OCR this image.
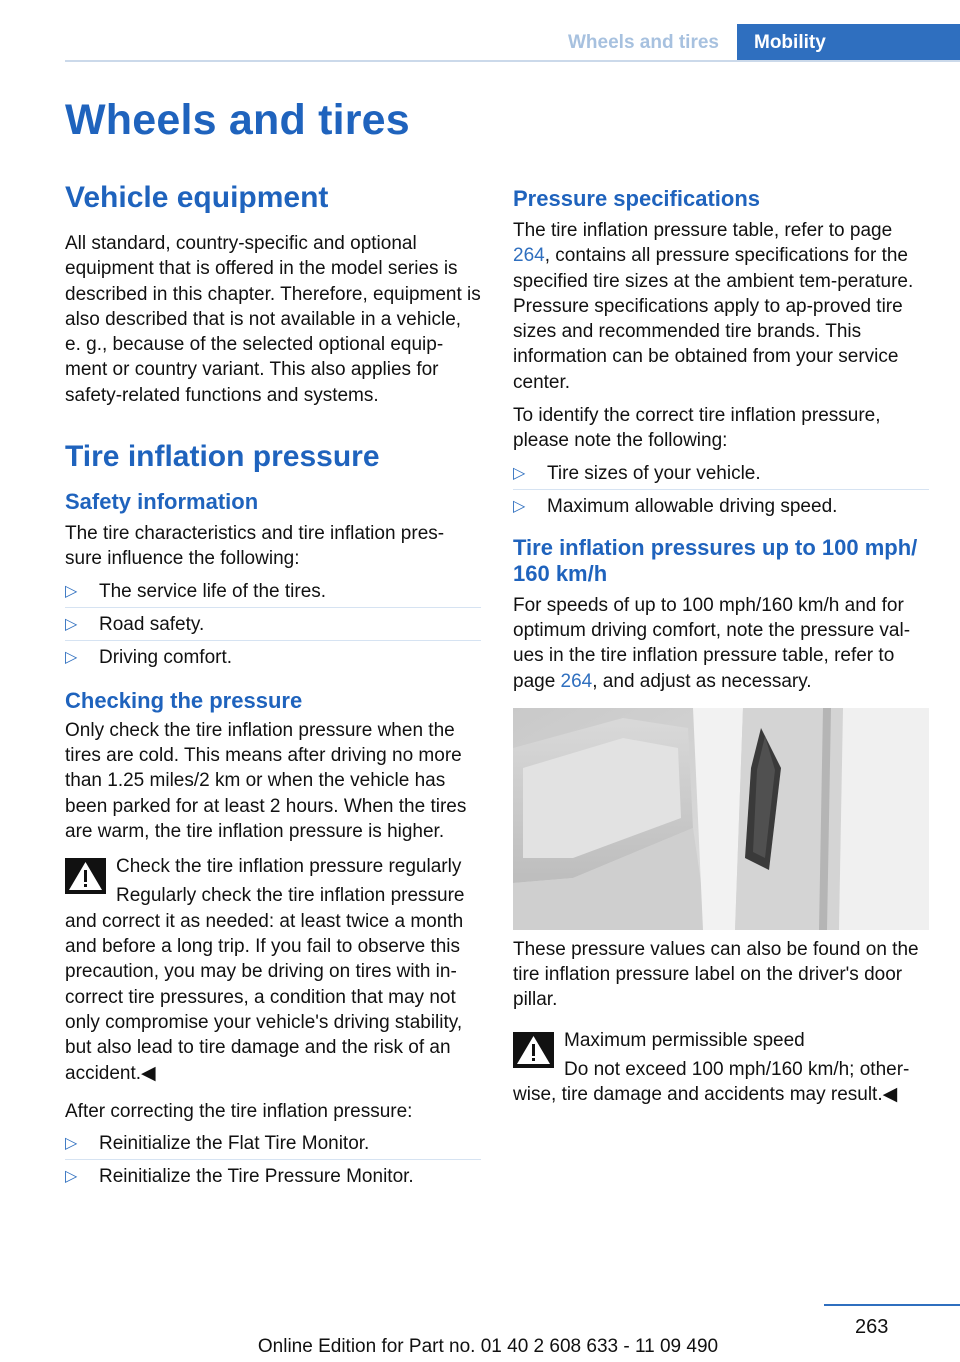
Wheels and tires	Mobility
Wheels and tires
Vehicle equipment

All standard, country-specific and optional equipment that is offered in the model series is described in this chapter. Therefore, equipment is also described that is not available in a vehicle, e. g., because of the selected optional equip‐ment or country variant. This also applies for safety-related functions and systems.

Tire inflation pressure
Safety information

The tire characteristics and tire inflation pres‐sure influence the following:

▷ The service life of the tires.
▷ Road safety.
▷ Driving comfort.
Checking the pressure

Only check the tire inflation pressure when the tires are cold. This means after driving no more than 1.25 miles/2 km or when the vehicle has been parked for at least 2 hours. When the tires are warm, the tire inflation pressure is higher.

Check the tire inflation pressure regularly

Regularly check the tire inflation pressure and correct it as needed: at least twice a month and before a long trip. If you fail to observe this precaution, you may be driving on tires with in‐correct tire pressures, a condition that may not only compromise your vehicle's driving stability, but also lead to tire damage and the risk of an accident.◀

After correcting the tire inflation pressure:

▷ Reinitialize the Flat Tire Monitor.
▷ Reinitialize the Tire Pressure Monitor.
Pressure specifications

The tire inflation pressure table, refer to page 264, contains all pressure specifications for the specified tire sizes at the ambient tem‐perature. Pressure specifications apply to ap‐proved tire sizes and recommended tire brands. This information can be obtained from your service center.

To identify the correct tire inflation pressure, please note the following:

▷ Tire sizes of your vehicle.
▷ Maximum allowable driving speed.
Tire inflation pressures up to 100 mph/ 160 km/h

For speeds of up to 100 mph/160 km/h and for optimum driving comfort, note the pressure val‐ues in the tire inflation pressure table, refer to page 264, and adjust as necessary.

These pressure values can also be found on the tire inflation pressure label on the driver's door pillar.

Maximum permissible speed

Do not exceed 100 mph/160 km/h; other‐wise, tire damage and accidents may result.◀

263
Online Edition for Part no. 01 40 2 608 633 - 11 09 490
